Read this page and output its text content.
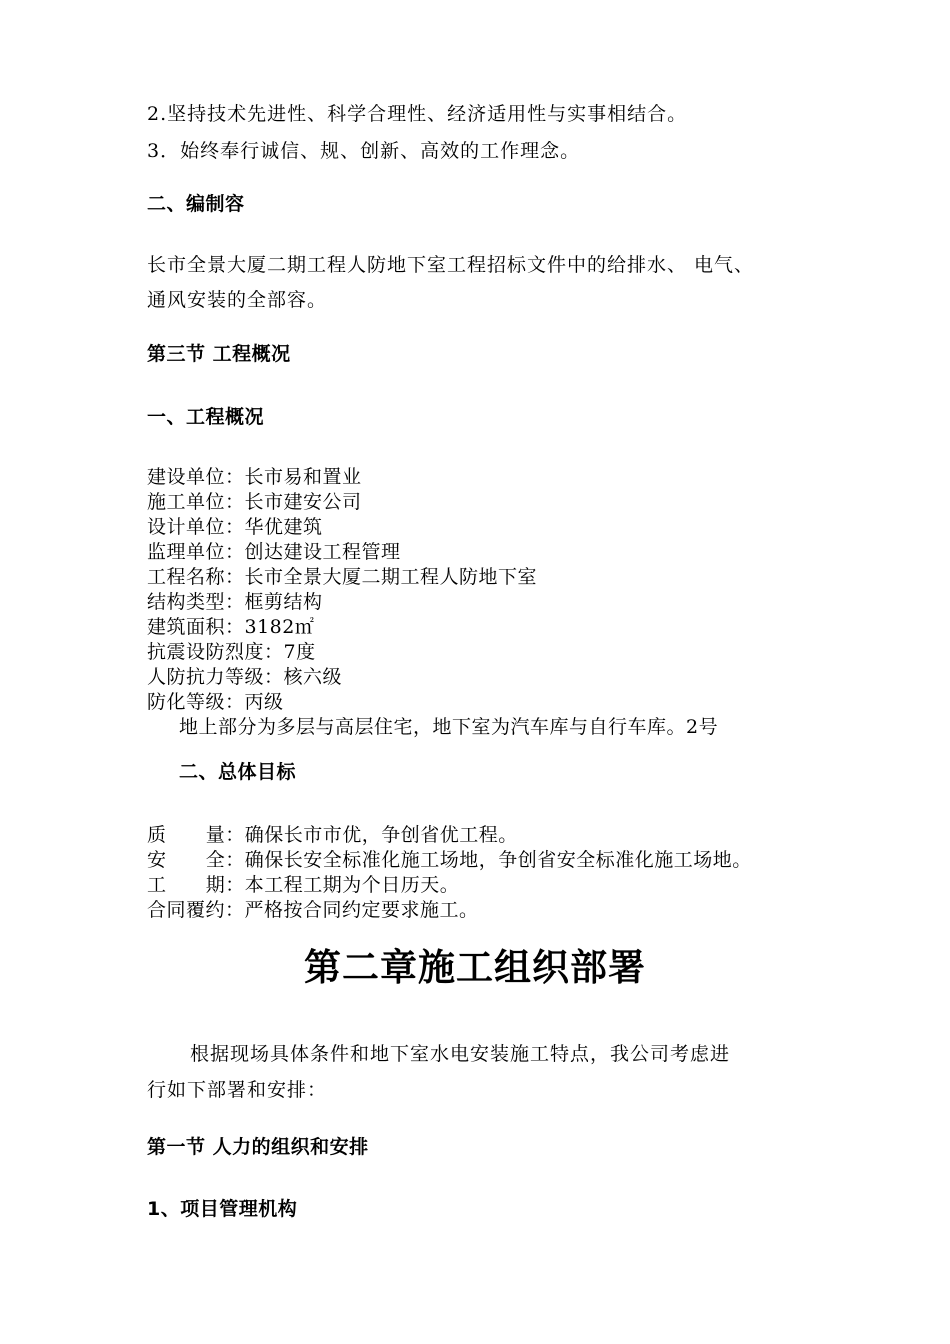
2.坚持技术先进性、科学合理性、经济适用性与实事相结合。
3．始终奉行诚信、规、创新、高效的工作理念。
二、编制容
长市全景大厦二期工程人防地下室工程招标文件中的给排水、 电气、
通风安装的全部容。
第三节 工程概况
一、工程概况
建设单位：长市易和置业
施工单位：长市建安公司
设计单位：华优建筑
监理单位：创达建设工程管理
工程名称：长市全景大厦二期工程人防地下室
结构类型：框剪结构
建筑面积：3182㎡
抗震设防烈度：7度
人防抗力等级：核六级
防化等级：丙级
地上部分为多层与高层住宅，地下室为汽车库与自行车库。2号
二、总体目标
质      量：确保长市市优，争创省优工程。
安      全：确保长安全标准化施工场地，争创省安全标准化施工场地。
工      期：本工程工期为个日历天。
合同覆约：严格按合同约定要求施工。
第二章施工组织部署
根据现场具体条件和地下室水电安装施工特点，我公司考虑进
行如下部署和安排：
第一节 人力的组织和安排
1、项目管理机构
